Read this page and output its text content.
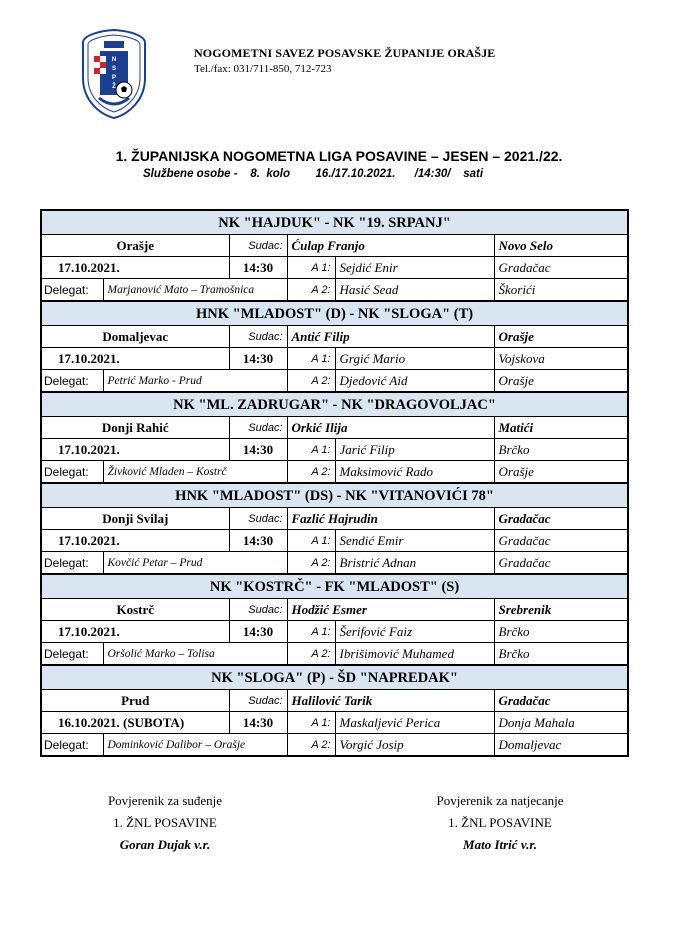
N
S
P
Ž
NOGOMETNI SAVEZ POSAVSKE ŽUPANIJE ORAŠJE
Tel./fax: 031/711-850, 712-723
1. ŽUPANIJSKA NOGOMETNA LIGA POSAVINE – JESEN – 2021./22.
Službene osobe -    8.  kolo        16./17.10.2021.      /14:30/    sati
NK "HAJDUK" - NK "19. SRPANJ"					
Orašje		Sudac:	Ćulap Franjo		Novo Selo
17.10.2021.		14:30	A 1:	Sejdić Enir	Gradačac
Delegat:	Marjanović Mato – Tramošnica		A 2:	Hasić Sead	Škorići
HNK "MLADOST" (D) - NK "SLOGA" (T)					
Domaljevac		Sudac:	Antić Filip		Orašje
17.10.2021.		14:30	A 1:	Grgić Mario	Vojskova
Delegat:	Petrić Marko - Prud		A 2:	Djedović Aid	Orašje
NK "ML. ZADRUGAR" - NK "DRAGOVOLJAC"					
Donji Rahić		Sudac:	Orkić Ilija		Matići
17.10.2021.		14:30	A 1:	Jarić Filip	Brčko
Delegat:	Živković Mladen – Kostrč		A 2:	Maksimović Rado	Orašje
HNK "MLADOST" (DS) - NK "VITANOVIĆI 78"					
Donji Svilaj		Sudac:	Fazlić Hajrudin		Gradačac
17.10.2021.		14:30	A 1:	Sendić Emir	Gradačac
Delegat:	Kovčić Petar – Prud		A 2:	Bristrić Adnan	Gradačac
NK "KOSTRČ" - FK "MLADOST" (S)					
Kostrč		Sudac:	Hodžić Esmer		Srebrenik
17.10.2021.		14:30	A 1:	Šerifović Faiz	Brčko
Delegat:	Oršolić Marko – Tolisa		A 2:	Ibrišimović Muhamed	Brčko
NK "SLOGA" (P) - ŠD "NAPREDAK"					
Prud		Sudac:	Halilović Tarik		Gradačac
16.10.2021. (SUBOTA)		14:30	A 1:	Maskaljević Perica	Donja Mahala
Delegat:	Dominković Dalibor – Orašje		A 2:	Vorgić Josip	Domaljevac
Povjerenik za suđenje
1. ŽNL POSAVINE
Goran Dujak v.r.
Povjerenik za natjecanje
1. ŽNL POSAVINE
Mato Itrić v.r.
